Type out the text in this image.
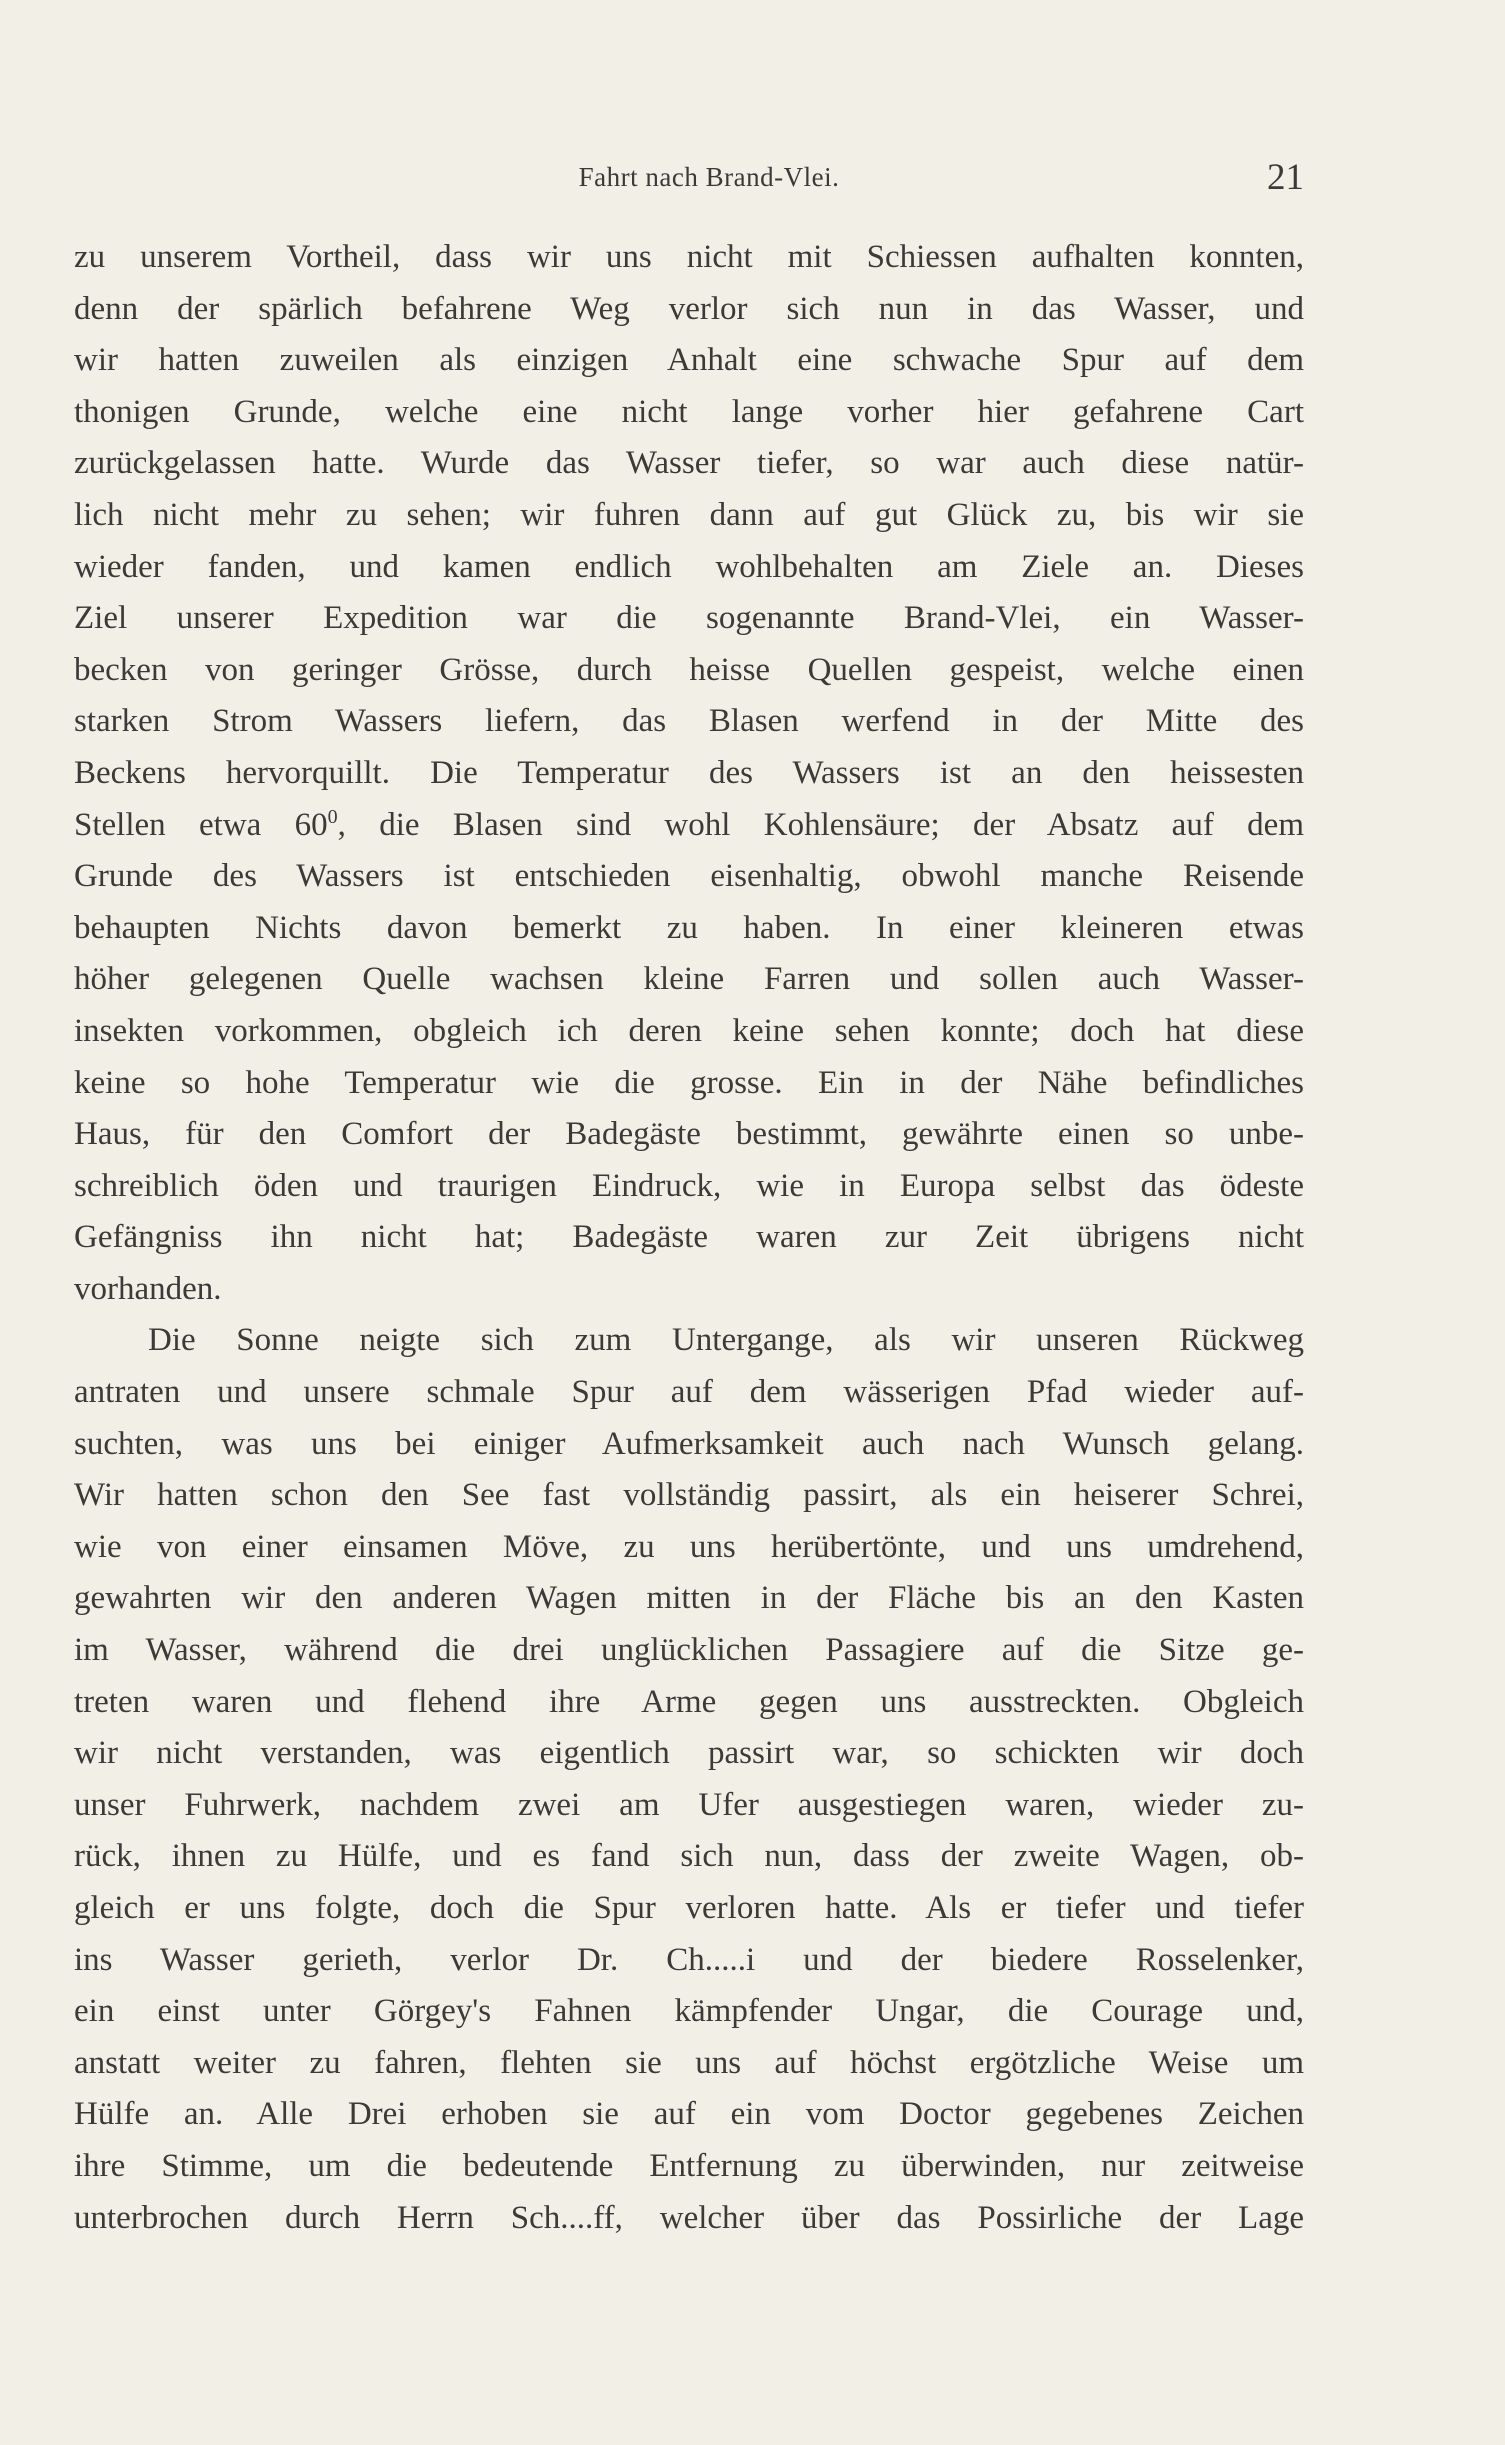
Fahrt nach Brand-Vlei.	21
zu unserem Vortheil, dass wir uns nicht mit Schiessen aufhalten konnten,
denn der spärlich befahrene Weg verlor sich nun in das Wasser, und
wir hatten zuweilen als einzigen Anhalt eine schwache Spur auf dem
thonigen Grunde, welche eine nicht lange vorher hier gefahrene Cart
zurückgelassen hatte. Wurde das Wasser tiefer, so war auch diese natür-
lich nicht mehr zu sehen; wir fuhren dann auf gut Glück zu, bis wir sie
wieder fanden, und kamen endlich wohlbehalten am Ziele an. Dieses
Ziel unserer Expedition war die sogenannte Brand-Vlei, ein Wasser-
becken von geringer Grösse, durch heisse Quellen gespeist, welche einen
starken Strom Wassers liefern, das Blasen werfend in der Mitte des
Beckens hervorquillt. Die Temperatur des Wassers ist an den heissesten
Stellen etwa $60^0$, die Blasen sind wohl Kohlensäure; der Absatz auf dem
Grunde des Wassers ist entschieden eisenhaltig, obwohl manche Reisende
behaupten Nichts davon bemerkt zu haben. In einer kleineren etwas
höher gelegenen Quelle wachsen kleine Farren und sollen auch Wasser-
insekten vorkommen, obgleich ich deren keine sehen konnte; doch hat diese
keine so hohe Temperatur wie die grosse. Ein in der Nähe befindliches
Haus, für den Comfort der Badegäste bestimmt, gewährte einen so unbe-
schreiblich öden und traurigen Eindruck, wie in Europa selbst das ödeste
Gefängniss ihn nicht hat; Badegäste waren zur Zeit übrigens nicht
vorhanden.
Die Sonne neigte sich zum Untergange, als wir unseren Rückweg
antraten und unsere schmale Spur auf dem wässerigen Pfad wieder auf-
suchten, was uns bei einiger Aufmerksamkeit auch nach Wunsch gelang.
Wir hatten schon den See fast vollständig passirt, als ein heiserer Schrei,
wie von einer einsamen Möve, zu uns herübertönte, und uns umdrehend,
gewahrten wir den anderen Wagen mitten in der Fläche bis an den Kasten
im Wasser, während die drei unglücklichen Passagiere auf die Sitze ge-
treten waren und flehend ihre Arme gegen uns ausstreckten. Obgleich
wir nicht verstanden, was eigentlich passirt war, so schickten wir doch
unser Fuhrwerk, nachdem zwei am Ufer ausgestiegen waren, wieder zu-
rück, ihnen zu Hülfe, und es fand sich nun, dass der zweite Wagen, ob-
gleich er uns folgte, doch die Spur verloren hatte. Als er tiefer und tiefer
ins Wasser gerieth, verlor Dr. Ch.....i und der biedere Rosselenker,
ein einst unter Görgey's Fahnen kämpfender Ungar, die Courage und,
anstatt weiter zu fahren, flehten sie uns auf höchst ergötzliche Weise um
Hülfe an. Alle Drei erhoben sie auf ein vom Doctor gegebenes Zeichen
ihre Stimme, um die bedeutende Entfernung zu überwinden, nur zeitweise
unterbrochen durch Herrn Sch....ff, welcher über das Possirliche der Lage
